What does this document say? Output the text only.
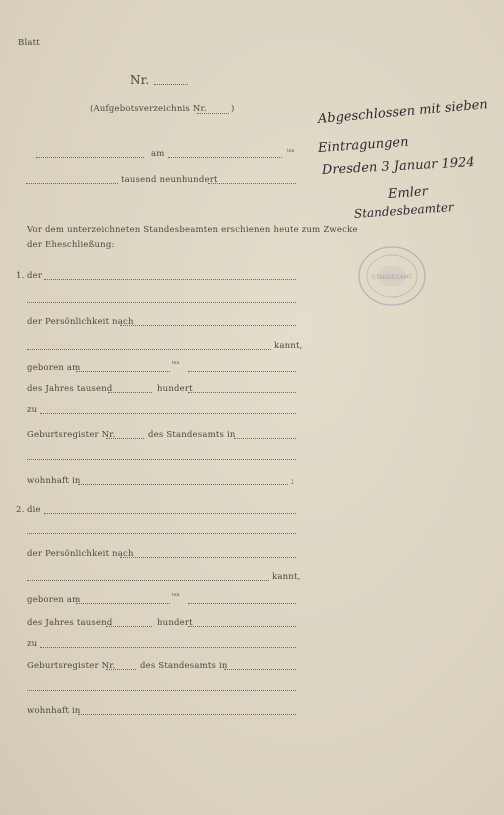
Blatt
Nr.
(Aufgebotsverzeichnis Nr.	)
am	ten
tausend neunhundert
Vor dem unterzeichneten Standesbeamten erschienen heute zum Zwecke
der Eheschließung:
1. der
der Persönlichkeit nach
kannt,
geboren am	ten
des Jahres tausend	hundert
zu
Geburtsregister Nr.	des Standesamts in
wohnhaft in	;
2. die
der Persönlichkeit nach
kannt,
geboren am	ten
des Jahres tausend	hundert
zu
Geburtsregister Nr.	des Standesamts in
wohnhaft in
Abgeschlossen mit sieben
Eintragungen
Dresden 3 Januar 1924
Emler
Standesbeamter
STANDESAMT
